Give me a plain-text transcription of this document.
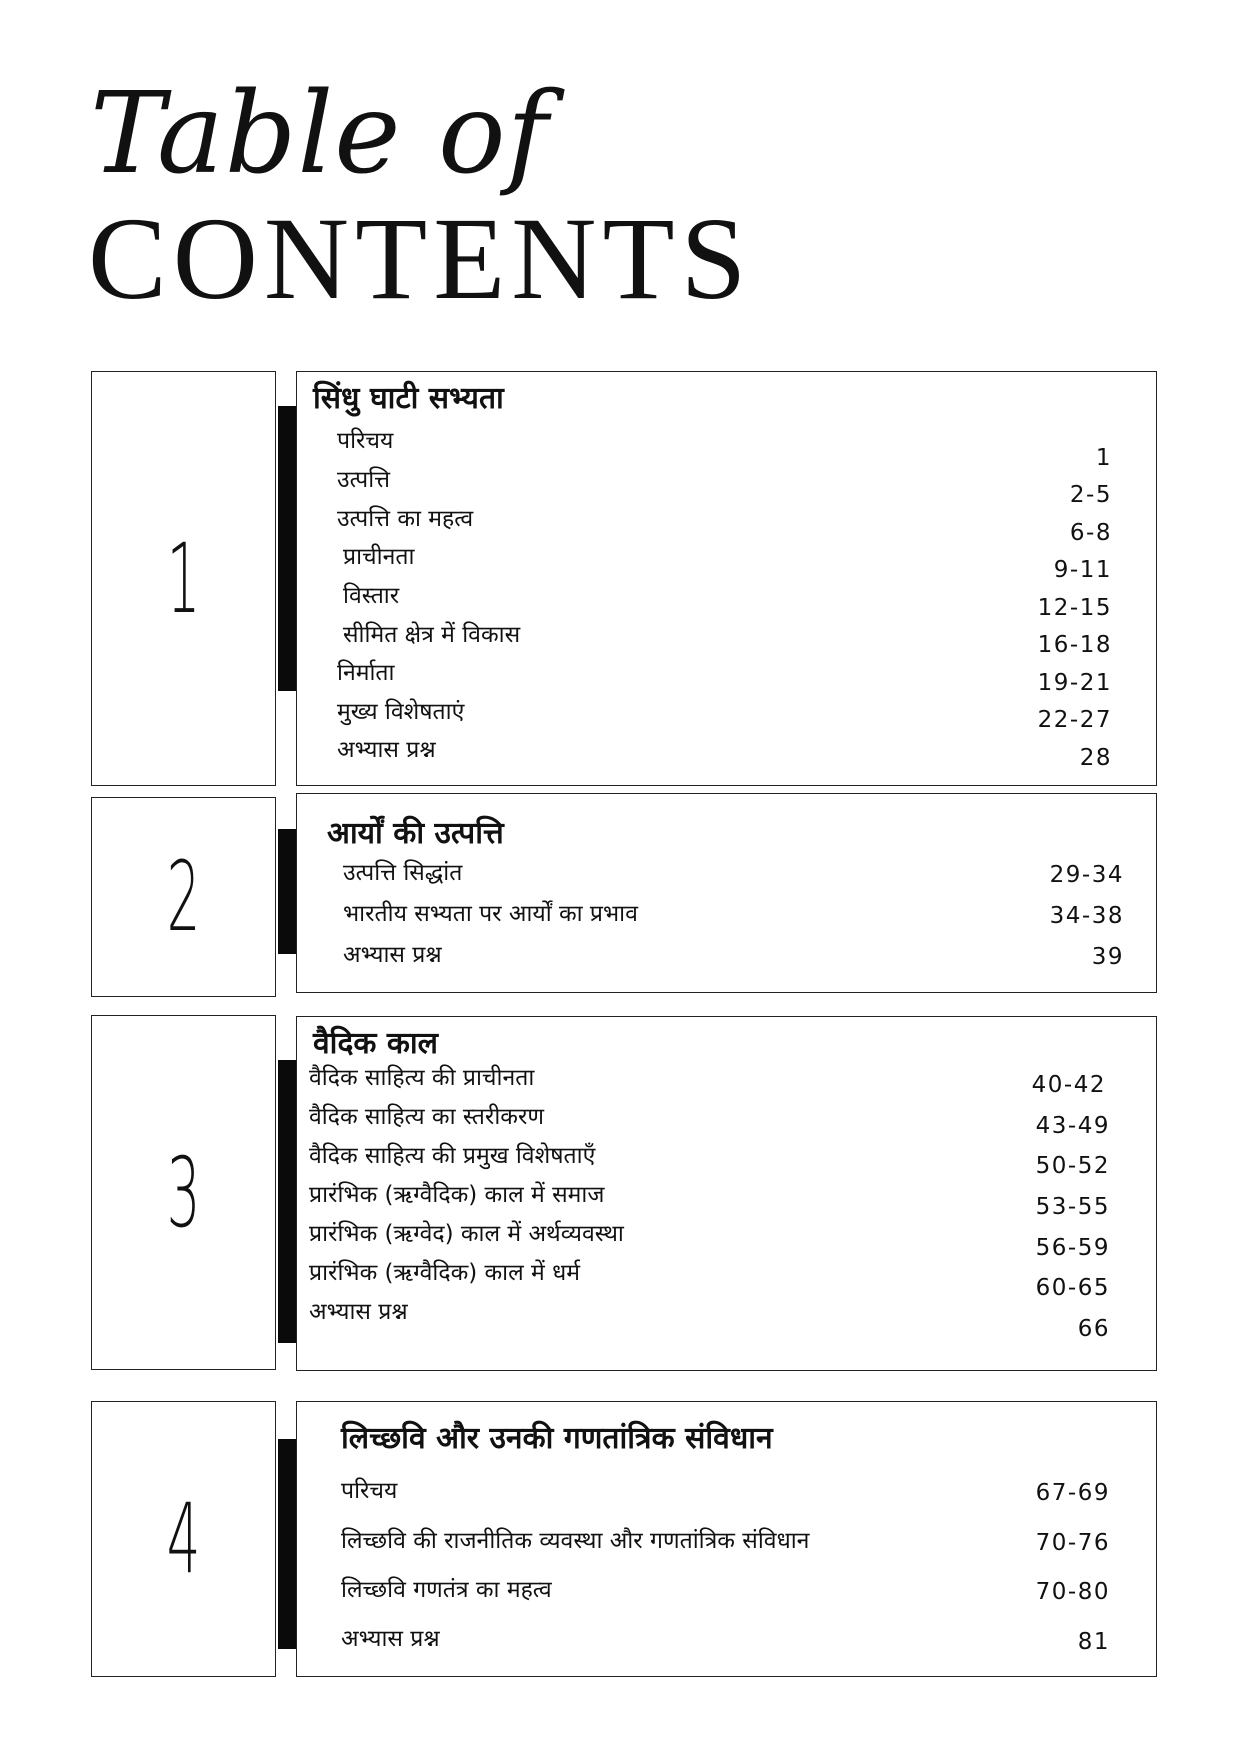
Table of
CONTENTS
1
सिंधु घाटी सभ्यता
परिचय
उत्पत्ति
उत्पत्ति का महत्व
प्राचीनता
विस्तार
सीमित क्षेत्र में विकास
निर्माता
मुख्य विशेषताएं
अभ्यास प्रश्न
1
2-5
6-8
9-11
12-15
16-18
19-21
22-27
28
2
आर्यों की उत्पत्ति
उत्पत्ति सिद्धांत
भारतीय सभ्यता पर आर्यों का प्रभाव
अभ्यास प्रश्न
29-34
34-38
39
3
वैदिक काल
वैदिक साहित्य की प्राचीनता
वैदिक साहित्य का स्तरीकरण
वैदिक साहित्य की प्रमुख विशेषताएँ
प्रारंभिक (ऋग्वैदिक) काल में समाज
प्रारंभिक (ऋग्वेद) काल में अर्थव्यवस्था
प्रारंभिक (ऋग्वैदिक) काल में धर्म
अभ्यास प्रश्न
40-42
43-49
50-52
53-55
56-59
60-65
66
4
लिच्छवि और उनकी गणतांत्रिक संविधान
परिचय
लिच्छवि की राजनीतिक व्यवस्था और गणतांत्रिक संविधान
लिच्छवि गणतंत्र का महत्व
अभ्यास प्रश्न
67-69
70-76
70-80
81
